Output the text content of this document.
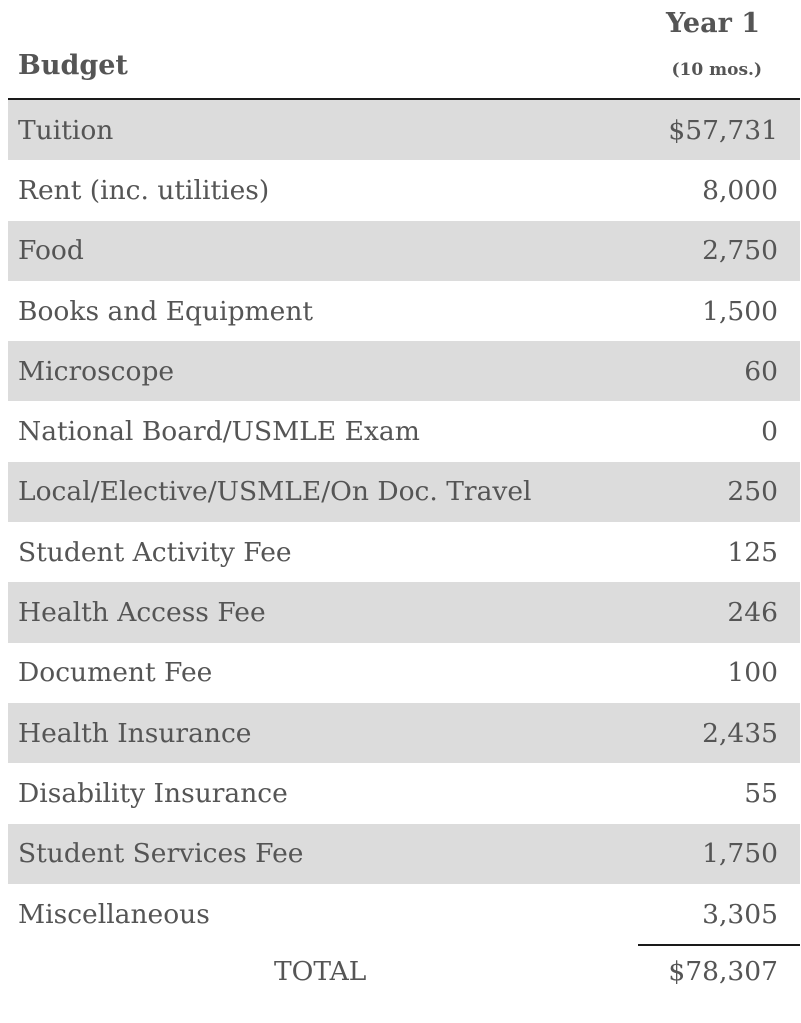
Budget
Year 1
(10 mos.)
Tuition	$57,731
Rent (inc. utilities)	8,000
Food	2,750
Books and Equipment	1,500
Microscope	60
National Board/USMLE Exam	0
Local/Elective/USMLE/On Doc. Travel	250
Student Activity Fee	125
Health Access Fee	246
Document Fee	100
Health Insurance	2,435
Disability Insurance	55
Student Services Fee	1,750
Miscellaneous	3,305
TOTAL	$78,307
